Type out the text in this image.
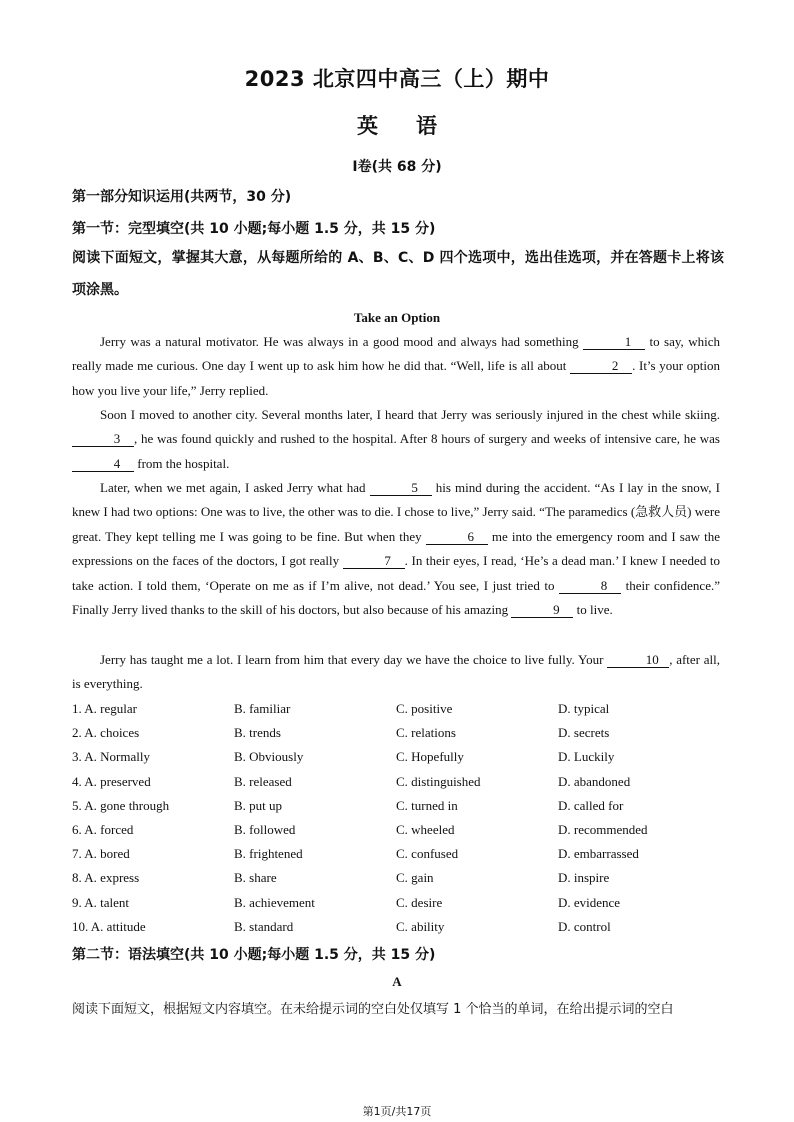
2023 北京四中高三（上）期中
英语
Ⅰ卷(共 68 分)
第一部分知识运用(共两节，30 分)
第一节：完型填空(共 10 小题;每小题 1.5 分，共 15 分)
阅读下面短文，掌握其大意，从每题所给的 A、B、C、D 四个选项中，选出佳选项，并在答题卡上将该项涂黑。
Take an Option
Jerry was a natural motivator. He was always in a good mood and always had something	1 to say, which really made me curious. One day I went up to ask him how he did that. “Well, life is all about	2 . It’s your option how you live your life,” Jerry replied.
Soon I moved to another city. Several months later, I heard that Jerry was seriously injured in the chest while skiing. 3 , he was found quickly and rushed to the hospital. After 8 hours of surgery and weeks of intensive care, he was 4 from the hospital.
Later, when we met again, I asked Jerry what had	5 his mind during the accident. “As I lay in the snow, I knew I had two options: One was to live, the other was to die. I chose to live,” Jerry said. “The paramedics (急救人员) were great. They kept telling me I was going to be fine. But when they	6 me into the emergency room and I saw the expressions on the faces of the doctors, I got really	7 . In their eyes, I read, ‘He’s a dead man.’ I knew I needed to take action. I told them, ‘Operate on me as if I’m alive, not dead.’ You see, I just tried to	8 their confidence.” Finally Jerry lived thanks to the skill of his doctors, but also because of his amazing	9 to live.
Jerry has taught me a lot. I learn from him that every day we have the choice to live fully. Your	10 , after all, is everything.
1. A. regular	B. familiar	C. positive	D. typical
2. A. choices	B. trends	C. relations	D. secrets
3. A. Normally	B. Obviously	C. Hopefully	D. Luckily
4. A. preserved	B. released	C. distinguished	D. abandoned
5. A. gone through	B. put up	C. turned in	D. called for
6. A. forced	B. followed	C. wheeled	D. recommended
7. A. bored	B. frightened	C. confused	D. embarrassed
8. A. express	B. share	C. gain	D. inspire
9. A. talent	B. achievement	C. desire	D. evidence
10. A. attitude	B. standard	C. ability	D. control
第二节：语法填空(共 10 小题;每小题 1.5 分，共 15 分)
A
阅读下面短文，根据短文内容填空。在未给提示词的空白处仅填写 1 个恰当的单词，在给出提示词的空白
第1页/共17页
